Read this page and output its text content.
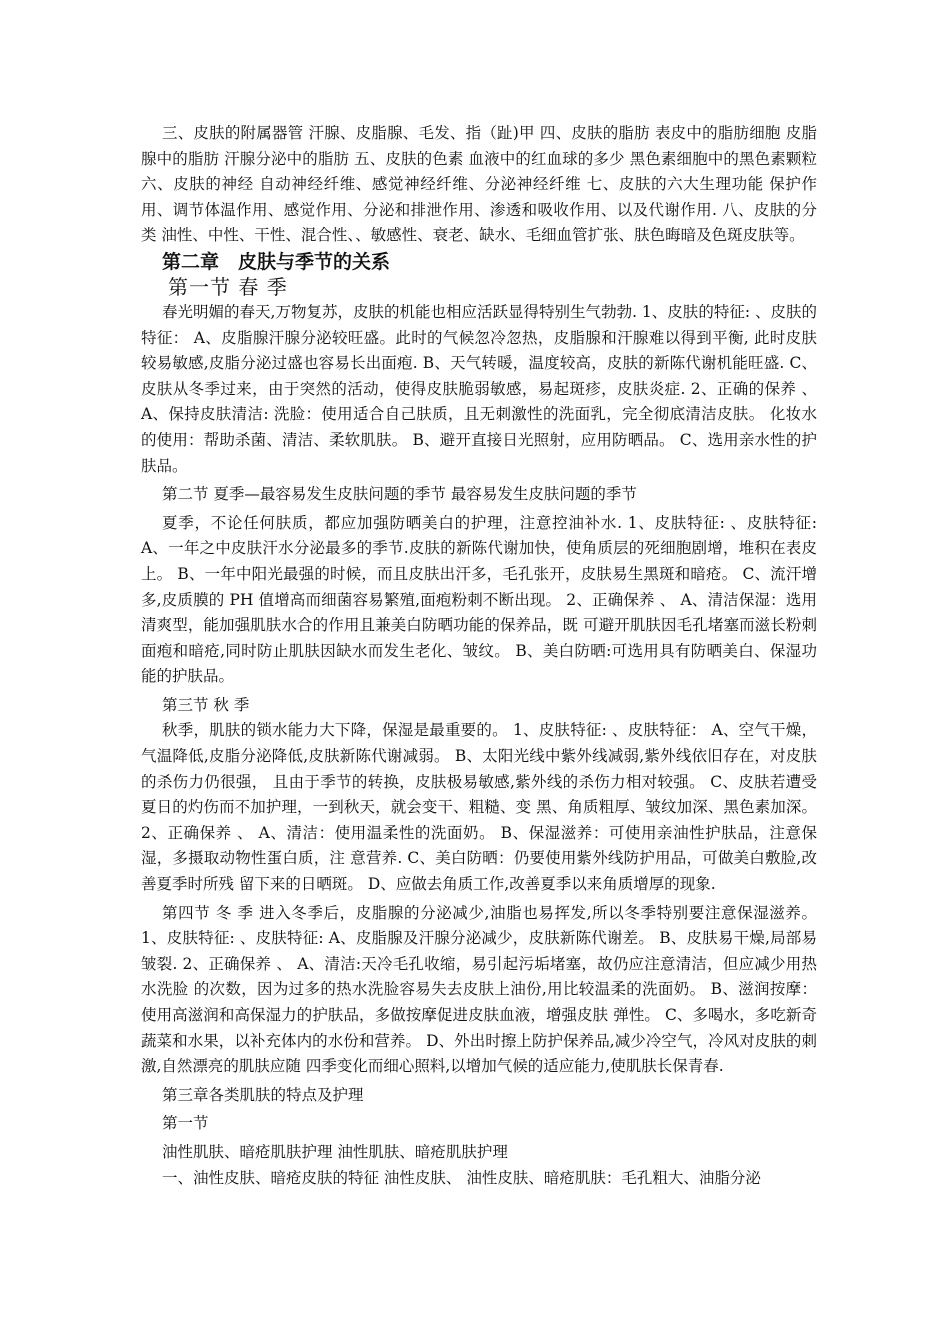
三、皮肤的附属器管 汗腺、皮脂腺、毛发、指（趾)甲 四、皮肤的脂肪 表皮中的脂肪细胞 皮脂腺中的脂肪 汗腺分泌中的脂肪 五、皮肤的色素 血液中的红血球的多少 黑色素细胞中的黑色素颗粒 六、皮肤的神经 自动神经纤维、感觉神经纤维、分泌神经纤维 七、皮肤的六大生理功能 保护作用、调节体温作用、感觉作用、分泌和排泄作用、渗透和吸收作用、以及代谢作用. 八、皮肤的分类 油性、中性、干性、混合性、、敏感性、衰老、缺水、毛细血管扩张、肤色晦暗及色斑皮肤等。

第二章　皮肤与季节的关系
第一节 春 季

春光明媚的春天,万物复苏，皮肤的机能也相应活跃显得特别生气勃勃. 1、皮肤的特征: 、皮肤的特征： A、皮脂腺汗腺分泌较旺盛。此时的气候忽冷忽热，皮脂腺和汗腺难以得到平衡, 此时皮肤较易敏感,皮脂分泌过盛也容易长出面疱. B、天气转暖，温度较高，皮肤的新陈代谢机能旺盛. C、皮肤从冬季过来，由于突然的活动，使得皮肤脆弱敏感，易起斑疹，皮肤炎症. 2、正确的保养 、 A、保持皮肤清洁: 洗脸：使用适合自己肤质，且无刺激性的洗面乳，完全彻底清洁皮肤。 化妆水的使用：帮助杀菌、清洁、柔软肌肤。 B、避开直接日光照射，应用防晒品。 C、选用亲水性的护肤品。

第二节 夏季—最容易发生皮肤问题的季节 最容易发生皮肤问题的季节

夏季，不论任何肤质，都应加强防晒美白的护理，注意控油补水. 1、皮肤特征: 、皮肤特征: A、一年之中皮肤汗水分泌最多的季节.皮肤的新陈代谢加快，使角质层的死细胞剧增，堆积在表皮上。 B、一年中阳光最强的时候，而且皮肤出汗多，毛孔张开，皮肤易生黑斑和暗疮。 C、流汗增多,皮质膜的 PH 值增高而细菌容易繁殖,面疱粉刺不断出现。 2、正确保养 、 A、清洁保湿：选用清爽型，能加强肌肤水合的作用且兼美白防晒功能的保养品，既 可避开肌肤因毛孔堵塞而滋长粉刺面疱和暗疮,同时防止肌肤因缺水而发生老化、皱纹。 B、美白防晒:可选用具有防晒美白、保湿功能的护肤品。

第三节 秋 季

秋季，肌肤的锁水能力大下降，保湿是最重要的。 1、皮肤特征: 、皮肤特征： A、空气干燥，气温降低,皮脂分泌降低,皮肤新陈代谢减弱。 B、太阳光线中紫外线减弱,紫外线依旧存在，对皮肤的杀伤力仍很强， 且由于季节的转换，皮肤极易敏感,紫外线的杀伤力相对较强。 C、皮肤若遭受夏日的灼伤而不加护理，一到秋天，就会变干、粗糙、变 黑、角质粗厚、皱纹加深、黑色素加深。 2、正确保养 、 A、清洁：使用温柔性的洗面奶。 B、保湿滋养：可使用亲油性护肤品，注意保湿，多摄取动物性蛋白质，注 意营养. C、美白防晒：仍要使用紫外线防护用品，可做美白敷脸,改善夏季时所残 留下来的日晒斑。 D、应做去角质工作,改善夏季以来角质增厚的现象.

第四节 冬 季 进入冬季后，皮脂腺的分泌减少,油脂也易挥发,所以冬季特别要注意保湿滋养。 1、皮肤特征: 、皮肤特征: A、皮脂腺及汗腺分泌减少，皮肤新陈代谢差。 B、皮肤易干燥,局部易皱裂. 2、正确保养 、 A、清洁:天冷毛孔收缩，易引起污垢堵塞，故仍应注意清洁，但应减少用热水洗脸 的次数，因为过多的热水洗脸容易失去皮肤上油份,用比较温柔的洗面奶。 B、滋润按摩：使用高滋润和高保湿力的护肤品，多做按摩促进皮肤血液，增强皮肤 弹性。 C、多喝水，多吃新奇蔬菜和水果，以补充体内的水份和营养。 D、外出时擦上防护保养品,减少冷空气，冷风对皮肤的刺激,自然漂亮的肌肤应随 四季变化而细心照料,以增加气候的适应能力,使肌肤长保青春.

第三章各类肌肤的特点及护理

第一节

油性肌肤、暗疮肌肤护理 油性肌肤、暗疮肌肤护理

一、油性皮肤、暗疮皮肤的特征 油性皮肤、 油性皮肤、暗疮肌肤：毛孔粗大、油脂分泌
